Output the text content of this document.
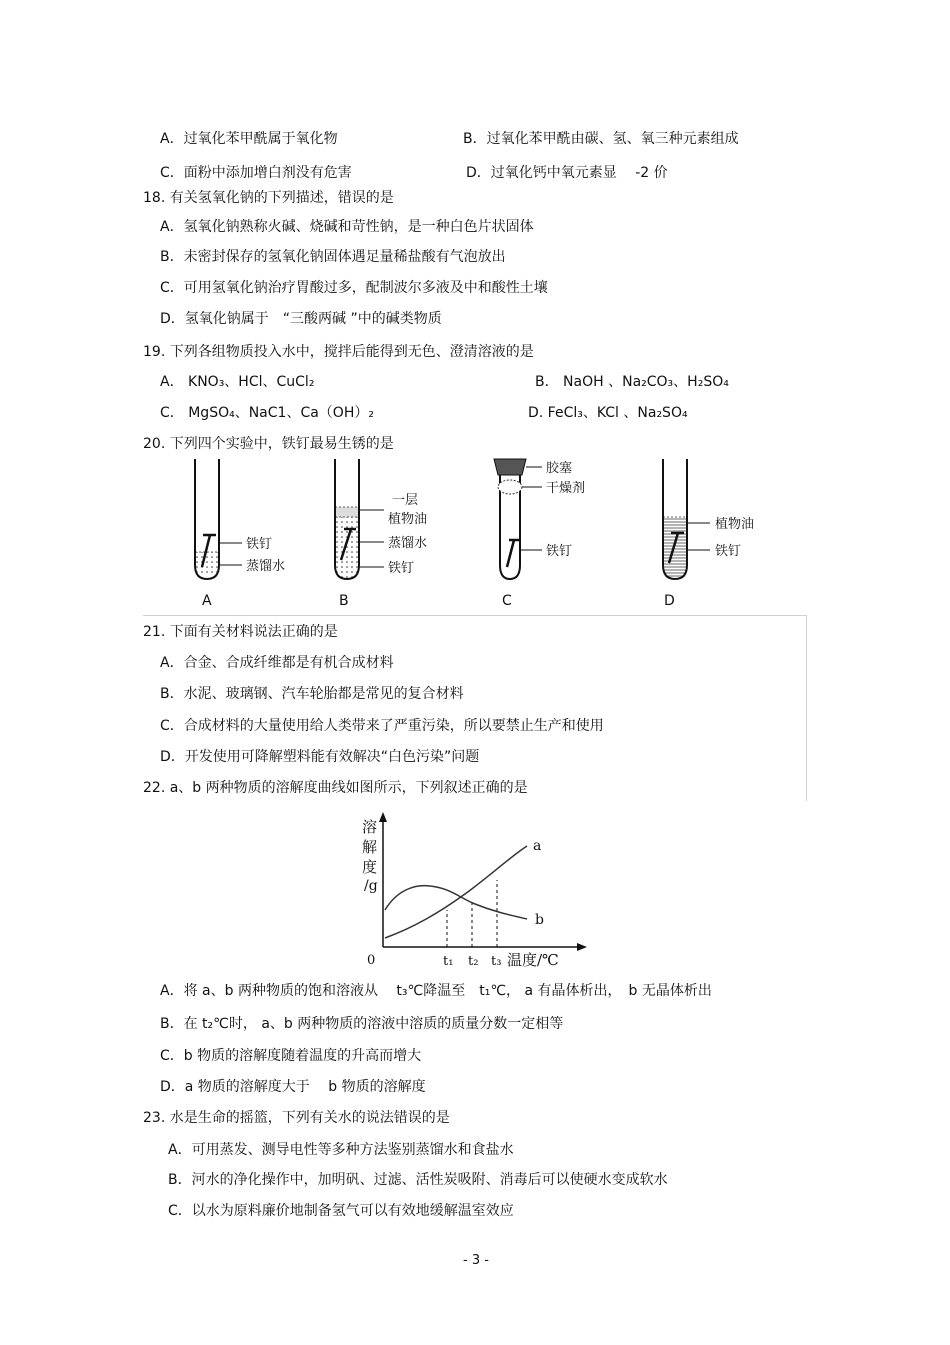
A．过氧化苯甲酰属于氧化物	B．过氧化苯甲酰由碳、氢、氧三种元素组成
C．面粉中添加增白剂没有危害	D．过氧化钙中氧元素显 　-2 价
18. 有关氢氧化钠的下列描述，错误的是
A．氢氧化钠熟称火碱、烧碱和苛性钠，是一种白色片状固体
B．未密封保存的氢氧化钠固体遇足量稀盐酸有气泡放出
C．可用氢氧化钠治疗胃酸过多，配制波尔多液及中和酸性土壤
D．氢氧化钠属于　“三酸两碱 ”中的碱类物质
19. 下列各组物质投入水中，搅拌后能得到无色、澄清溶液的是
A． KNO₃、HCl、CuCl₂	B． NaOH 、Na₂CO₃、H₂SO₄
C． MgSO₄、NaC1、Ca（OH）₂	D. FeCl₃、KCl 、Na₂SO₄
20. 下列四个实验中，铁钉最易生锈的是
铁钉
蒸馏水
一层
植物油
蒸馏水
铁钉
胶塞
干燥剂
铁钉
植物油
铁钉
A	B	C	D
21. 下面有关材料说法正确的是
A．合金、合成纤维都是有机合成材料
B．水泥、玻璃钢、汽车轮胎都是常见的复合材料
C．合成材料的大量使用给人类带来了严重污染，所以要禁止生产和使用
D．开发使用可降解塑料能有效解决“白色污染”问题
22. a、b 两种物质的溶解度曲线如图所示，下列叙述正确的是
溶
解
度
/g
0	温度/℃
t₁ t₂ t₃
a
b
A．将 a、b 两种物质的饱和溶液从　 t₃℃降温至　t₁℃， a 有晶体析出，　b 无晶体析出
B．在 t₂℃时， a、b 两种物质的溶液中溶质的质量分数一定相等
C．b 物质的溶解度随着温度的升高而增大
D．a 物质的溶解度大于　 b 物质的溶解度
23. 水是生命的摇篮，下列有关水的说法错误的是
A．可用蒸发、测导电性等多种方法鉴别蒸馏水和食盐水
B．河水的净化操作中，加明矾、过滤、活性炭吸附、消毒后可以使硬水变成软水
C．以水为原料廉价地制备氢气可以有效地缓解温室效应
- 3 -
